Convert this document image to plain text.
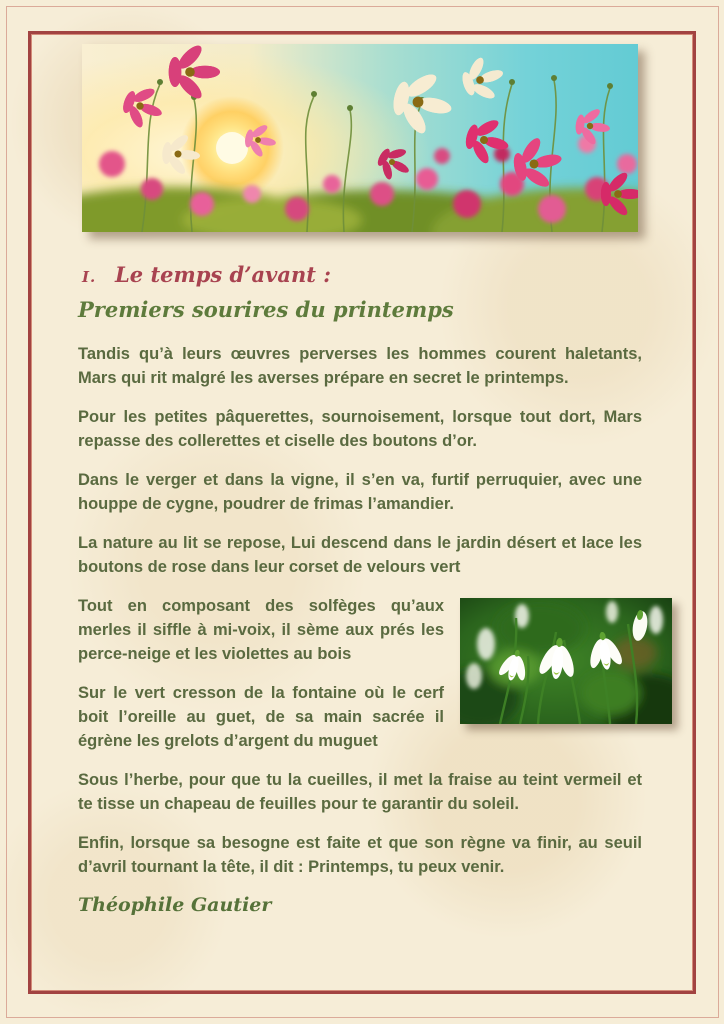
I. Le temps d’avant :
Premiers sourires du printemps

Tandis qu’à leurs œuvres perverses les hommes courent haletants, Mars qui rit malgré les averses prépare en secret le printemps.

Pour les petites pâquerettes, sournoisement, lorsque tout dort, Mars repasse des collerettes et ciselle des boutons d’or.

Dans le verger et dans la vigne, il s’en va, furtif perruquier, avec une houppe de cygne, poudrer de frimas l’amandier.

La nature au lit se repose, Lui descend dans le jardin désert et lace les boutons de rose dans leur corset de velours vert

Tout en composant des solfèges qu’aux merles il siffle à mi-voix, il sème aux prés les perce-neige et les violettes au bois

Sur le vert cresson de la fontaine où le cerf boit l’oreille au guet, de sa main sacrée il égrène les grelots d’argent du muguet

Sous l’herbe, pour que tu la cueilles, il met la fraise au teint vermeil et te tisse un chapeau de feuilles pour te garantir du soleil.

Enfin, lorsque sa besogne est faite et que son règne va finir, au seuil d’avril tournant la tête, il dit : Printemps, tu peux venir.

Théophile Gautier
